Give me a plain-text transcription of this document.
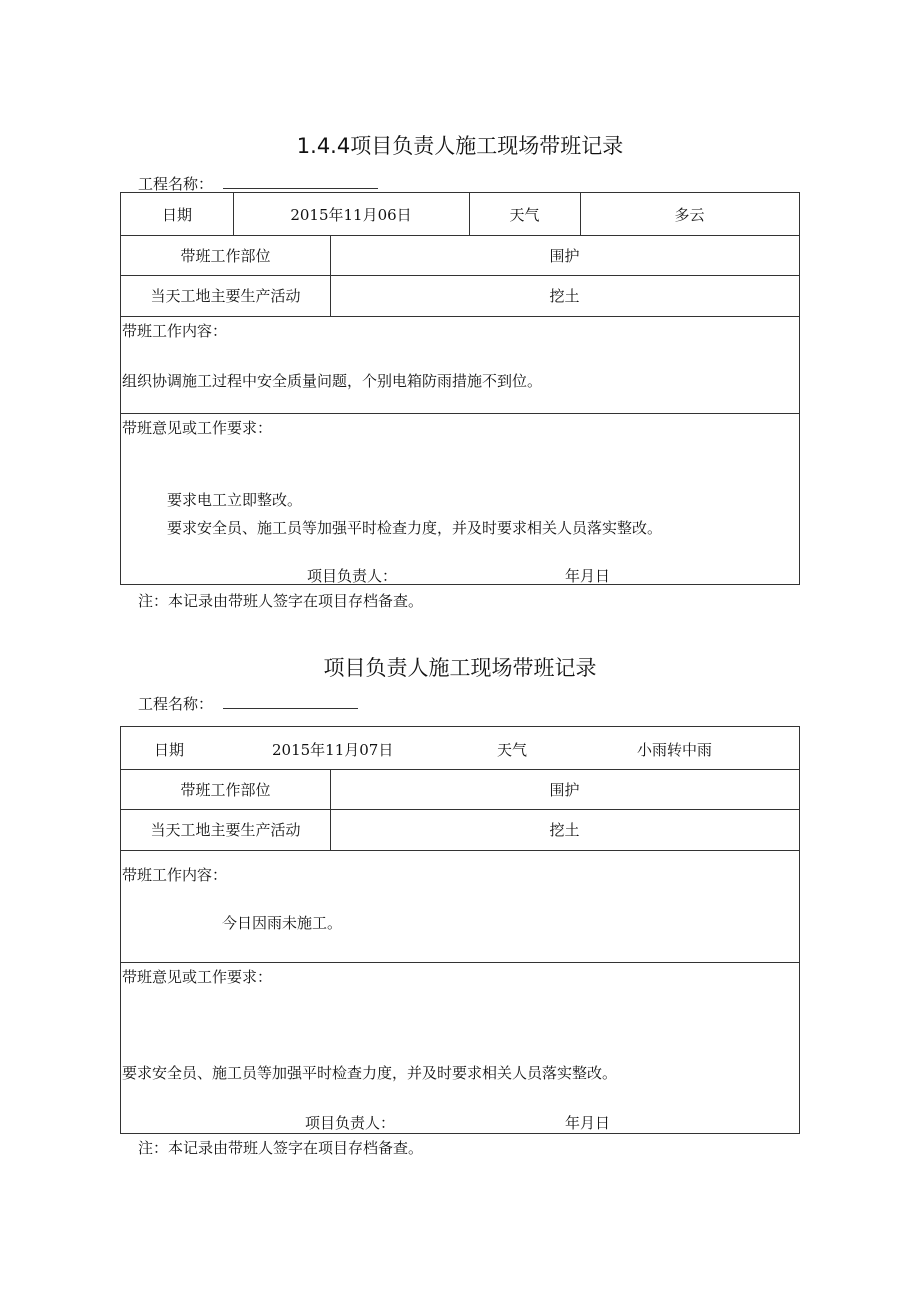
1.4.4项目负责人施工现场带班记录
工程名称：
日期	2015年11月06日	天气	多云
带班工作部位	围护
当天工地主要生产活动	挖土
带班工作内容：
组织协调施工过程中安全质量问题，个别电箱防雨措施不到位。
带班意见或工作要求：
要求电工立即整改。
要求安全员、施工员等加强平时检查力度，并及时要求相关人员落实整改。
项目负责人：	年月日
注：本记录由带班人签字在项目存档备查。
项目负责人施工现场带班记录
工程名称：
日期	2015年11月07日	天气	小雨转中雨
带班工作部位	围护
当天工地主要生产活动	挖土
带班工作内容：
今日因雨未施工。
带班意见或工作要求：
要求安全员、施工员等加强平时检查力度，并及时要求相关人员落实整改。
项目负责人：	年月日
注：本记录由带班人签字在项目存档备查。
